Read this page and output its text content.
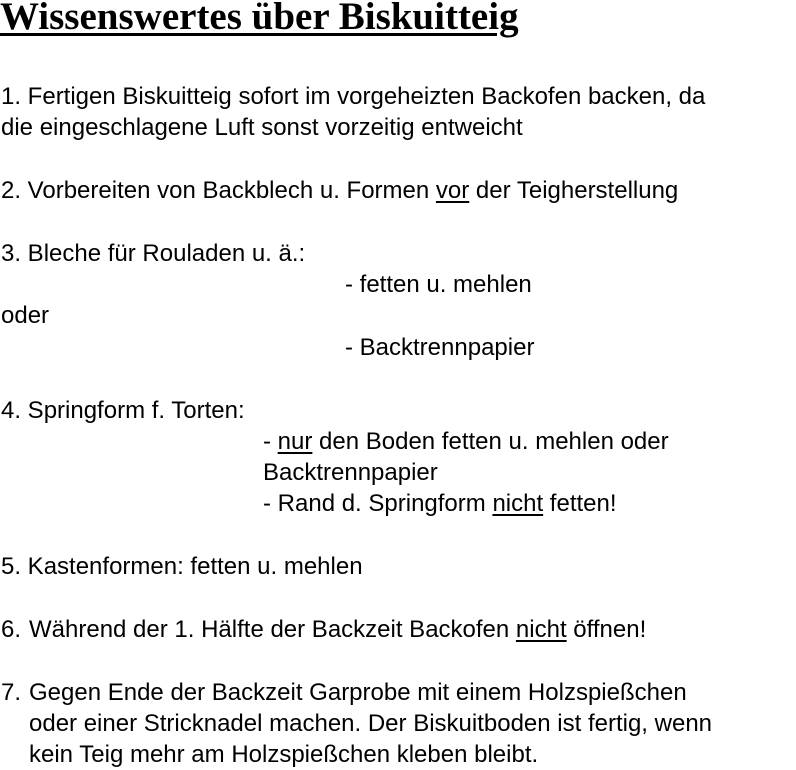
Wissenswertes über Biskuitteig
1. Fertigen Biskuitteig sofort im vorgeheizten Backofen backen, da
die eingeschlagene Luft sonst vorzeitig entweicht
2. Vorbereiten von Backblech u. Formen vor der Teigherstellung
3. Bleche für Rouladen u. ä.:
- fetten u. mehlen
oder
- Backtrennpapier
4. Springform f. Torten:
- nur den Boden fetten u. mehlen oder
Backtrennpapier
- Rand d. Springform nicht fetten!
5. Kastenformen: fetten u. mehlen
6. Während der 1. Hälfte der Backzeit Backofen nicht öffnen!
7. Gegen Ende der Backzeit Garprobe mit einem Holzspießchen
oder einer Stricknadel machen. Der Biskuitboden ist fertig, wenn
kein Teig mehr am Holzspießchen kleben bleibt.
